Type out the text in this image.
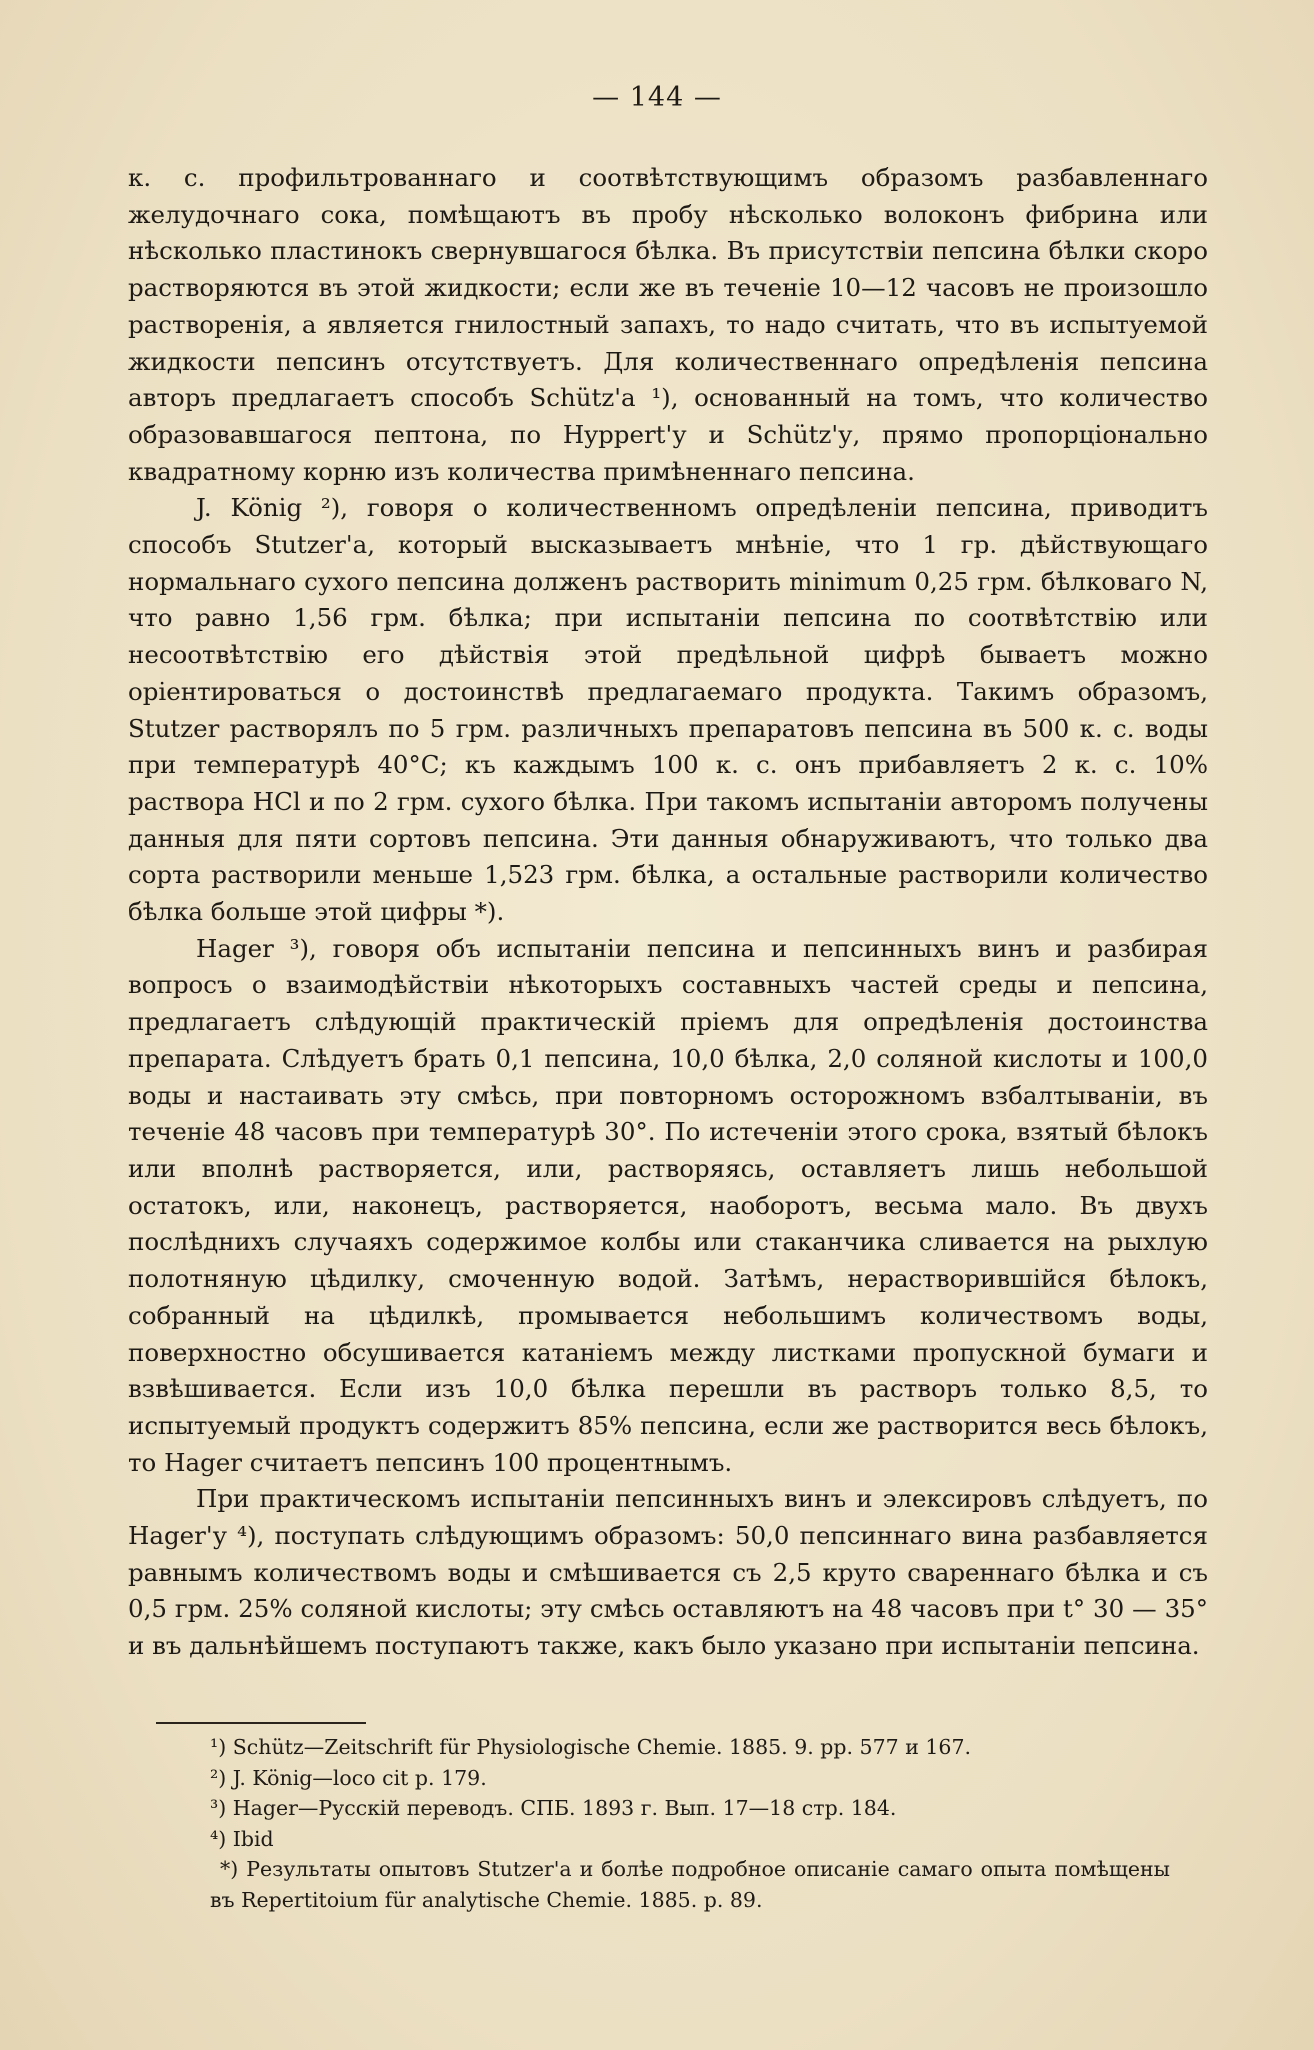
— 144 —

к. с. профильтрованнаго и соотвѣтствующимъ образомъ разбавленнаго желудочнаго сока, помѣщаютъ въ пробу нѣсколько волоконъ фибрина или нѣсколько пластинокъ свернувшагося бѣлка. Въ присутствіи пепсина бѣлки скоро растворяются въ этой жидкости; если же въ теченіе 10—12 часовъ не произошло растворенія, а является гнилостный запахъ, то надо считать, что въ испытуемой жидкости пепсинъ отсутствуетъ. Для количественнаго опредѣленія пепсина авторъ предлагаетъ способъ Schütz'а ¹), основанный на томъ, что количество образовавшагося пептона, по Hyppert'у и Schütz'у, прямо пропорціонально квадратному корню изъ количества примѣненнаго пепсина.

J. König ²), говоря о количественномъ опредѣленіи пепсина, приводитъ способъ Stutzer'а, который высказываетъ мнѣніе, что 1 гр. дѣйствующаго нормальнаго сухого пепсина долженъ растворить minimum 0,25 грм. бѣлковаго N, что равно 1,56 грм. бѣлка; при испытаніи пепсина по соотвѣтствію или несоотвѣтствію его дѣйствія этой предѣльной цифрѣ бываетъ можно оріентироваться о достоинствѣ предлагаемаго продукта. Такимъ образомъ, Stutzer растворялъ по 5 грм. различныхъ препаратовъ пепсина въ 500 к. с. воды при температурѣ 40°С; къ каждымъ 100 к. с. онъ прибавляетъ 2 к. с. 10% раствора НСl и по 2 грм. сухого бѣлка. При такомъ испытаніи авторомъ получены данныя для пяти сортовъ пепсина. Эти данныя обнаруживаютъ, что только два сорта растворили меньше 1,523 грм. бѣлка, а остальные растворили количество бѣлка больше этой цифры *).

Hager ³), говоря объ испытаніи пепсина и пепсинныхъ винъ и разбирая вопросъ о взаимодѣйствіи нѣкоторыхъ составныхъ частей среды и пепсина, предлагаетъ слѣдующій практическій пріемъ для опредѣленія достоинства препарата. Слѣдуетъ брать 0,1 пепсина, 10,0 бѣлка, 2,0 соляной кислоты и 100,0 воды и настаивать эту смѣсь, при повторномъ осторожномъ взбалтываніи, въ теченіе 48 часовъ при температурѣ 30°. По истеченіи этого срока, взятый бѣлокъ или вполнѣ растворяется, или, растворяясь, оставляетъ лишь небольшой остатокъ, или, наконецъ, растворяется, наоборотъ, весьма мало. Въ двухъ послѣднихъ случаяхъ содержимое колбы или стаканчика сливается на рыхлую полотняную цѣдилку, смоченную водой. Затѣмъ, нерастворившійся бѣлокъ, собранный на цѣдилкѣ, промывается небольшимъ количествомъ воды, поверхностно обсушивается катаніемъ между листками пропускной бумаги и взвѣшивается. Если изъ 10,0 бѣлка перешли въ растворъ только 8,5, то испытуемый продуктъ содержитъ 85% пепсина, если же растворится весь бѣлокъ, то Hager считаетъ пепсинъ 100 процентнымъ.

При практическомъ испытаніи пепсинныхъ винъ и элексировъ слѣдуетъ, по Hager'у ⁴), поступать слѣдующимъ образомъ: 50,0 пепсиннаго вина разбавляется равнымъ количествомъ воды и смѣшивается съ 2,5 круто свареннаго бѣлка и съ 0,5 грм. 25% соляной кислоты; эту смѣсь оставляютъ на 48 часовъ при t° 30 — 35° и въ дальнѣйшемъ поступаютъ также, какъ было указано при испытаніи пепсина.

¹) Schütz—Zeitschrift für Physiologische Chemie. 1885. 9. pp. 577 и 167.
²) J. König—loco cit p. 179.
³) Hager—Русскій переводъ. СПБ. 1893 г. Вып. 17—18 стр. 184.
⁴) Ibid
*) Результаты опытовъ Stutzer'а и болѣе подробное описаніе самаго опыта помѣщены въ Repertitoium für analytische Chemie. 1885. p. 89.
